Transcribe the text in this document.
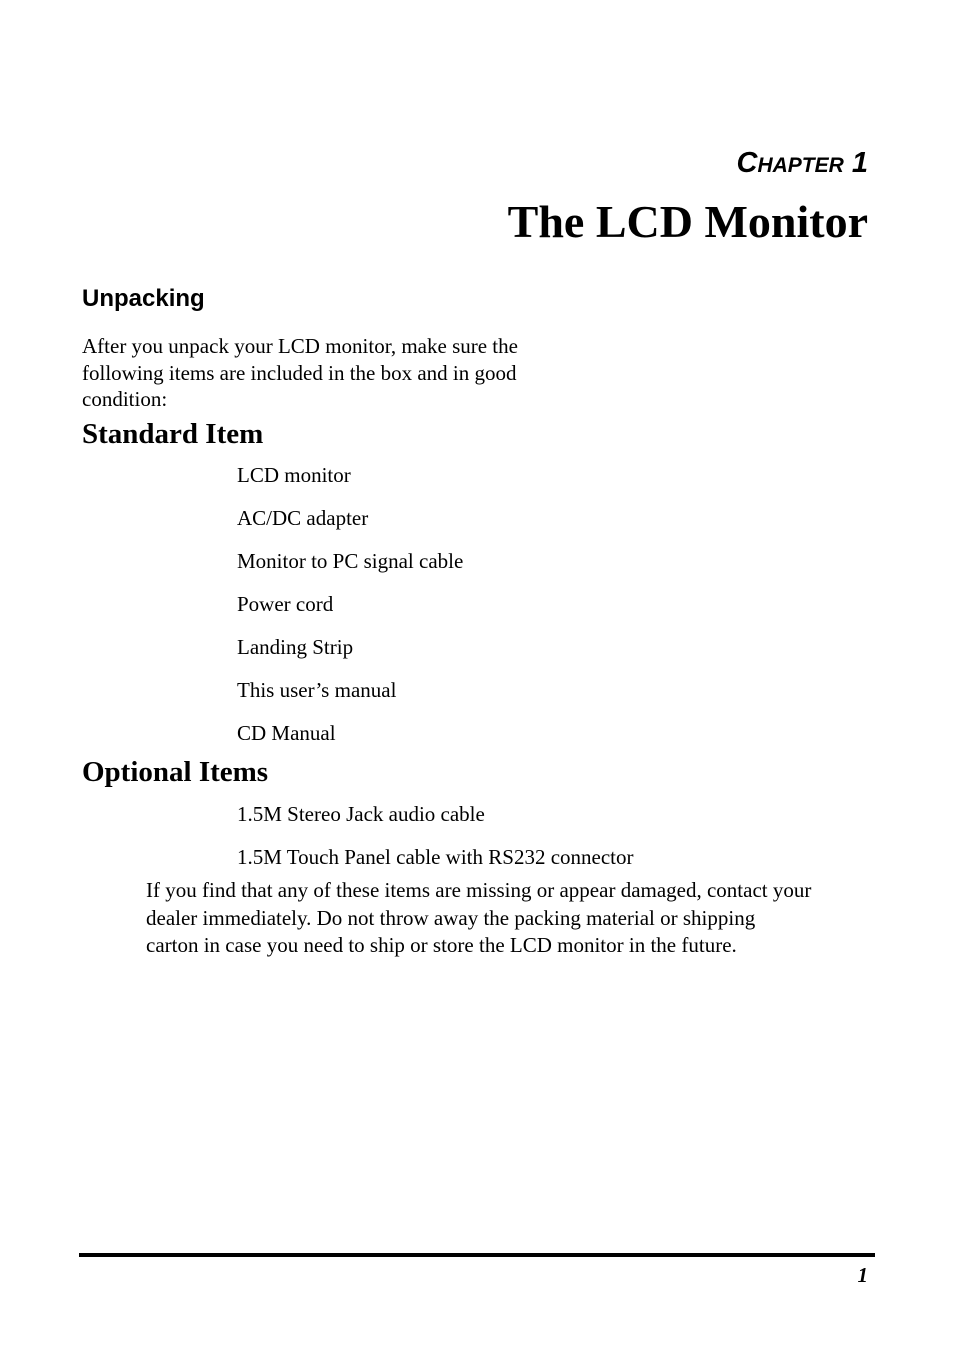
CHAPTER 1
The LCD Monitor
Unpacking
After you unpack your LCD monitor, make sure the
following items are included in the box and in good
condition:
Standard Item
LCD monitor
AC/DC adapter
Monitor to PC signal cable
Power cord
Landing Strip
This user’s manual
CD Manual
Optional Items
1.5M Stereo Jack audio cable
1.5M Touch Panel cable with RS232 connector
If you find that any of these items are missing or appear damaged, contact your
dealer immediately. Do not throw away the packing material or shipping
carton in case you need to ship or store the LCD monitor in the future.
1
